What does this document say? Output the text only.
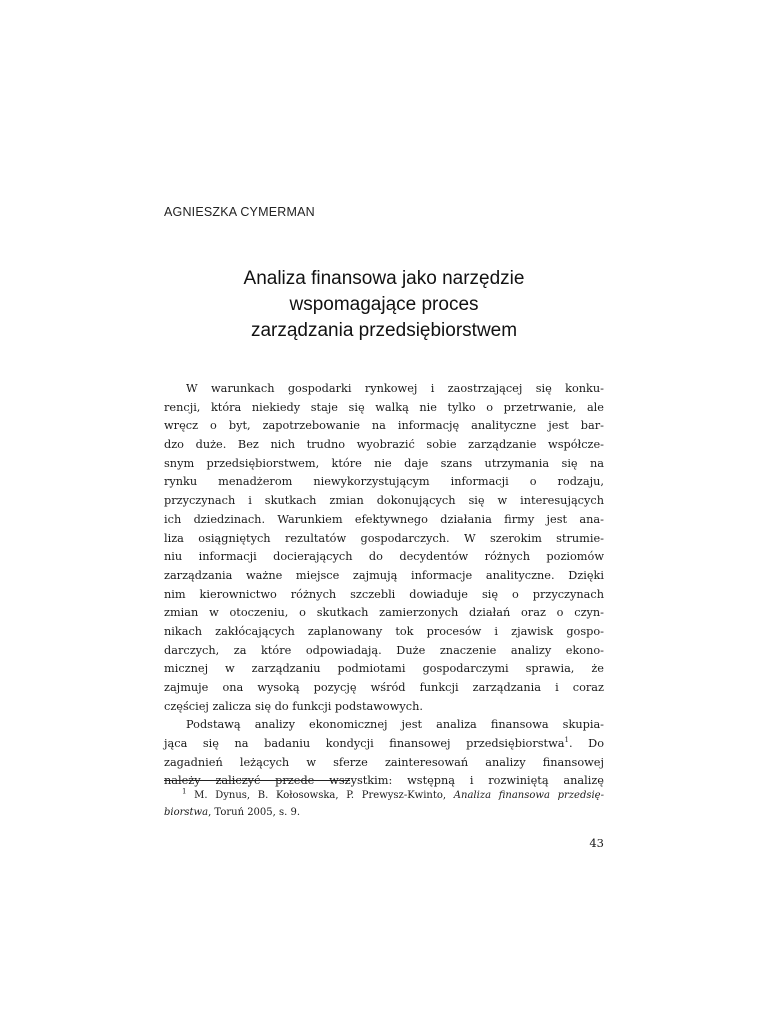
AGNIESZKA CYMERMAN
Analiza finansowa jako narzędzie
wspomagające proces
zarządzania przedsiębiorstwem
W warunkach gospodarki rynkowej i zaostrzającej się konku-
rencji, która niekiedy staje się walką nie tylko o przetrwanie, ale
wręcz o byt, zapotrzebowanie na informację analityczne jest bar-
dzo duże. Bez nich trudno wyobrazić sobie zarządzanie współcze-
snym przedsiębiorstwem, które nie daje szans utrzymania się na
rynku menadżerom niewykorzystującym informacji o rodzaju,
przyczynach i skutkach zmian dokonujących się w interesujących
ich dziedzinach. Warunkiem efektywnego działania firmy jest ana-
liza osiągniętych rezultatów gospodarczych. W szerokim strumie-
niu informacji docierających do decydentów różnych poziomów
zarządzania ważne miejsce zajmują informacje analityczne. Dzięki
nim kierownictwo różnych szczebli dowiaduje się o przyczynach
zmian w otoczeniu, o skutkach zamierzonych działań oraz o czyn-
nikach zakłócających zaplanowany tok procesów i zjawisk gospo-
darczych, za które odpowiadają. Duże znaczenie analizy ekono-
micznej w zarządzaniu podmiotami gospodarczymi sprawia, że
zajmuje ona wysoką pozycję wśród funkcji zarządzania i coraz
częściej zalicza się do funkcji podstawowych.
Podstawą analizy ekonomicznej jest analiza finansowa skupia-
jąca się na badaniu kondycji finansowej przedsiębiorstwa$^1$. Do
zagadnień leżących w sferze zainteresowań analizy finansowej
należy zaliczyć przede wszystkim: wstępną i rozwiniętą analizę
$^1$ M. Dynus, B. Kołosowska, P. Prewysz-Kwinto, Analiza finansowa przedsię-
biorstwa, Toruń 2005, s. 9.
43
